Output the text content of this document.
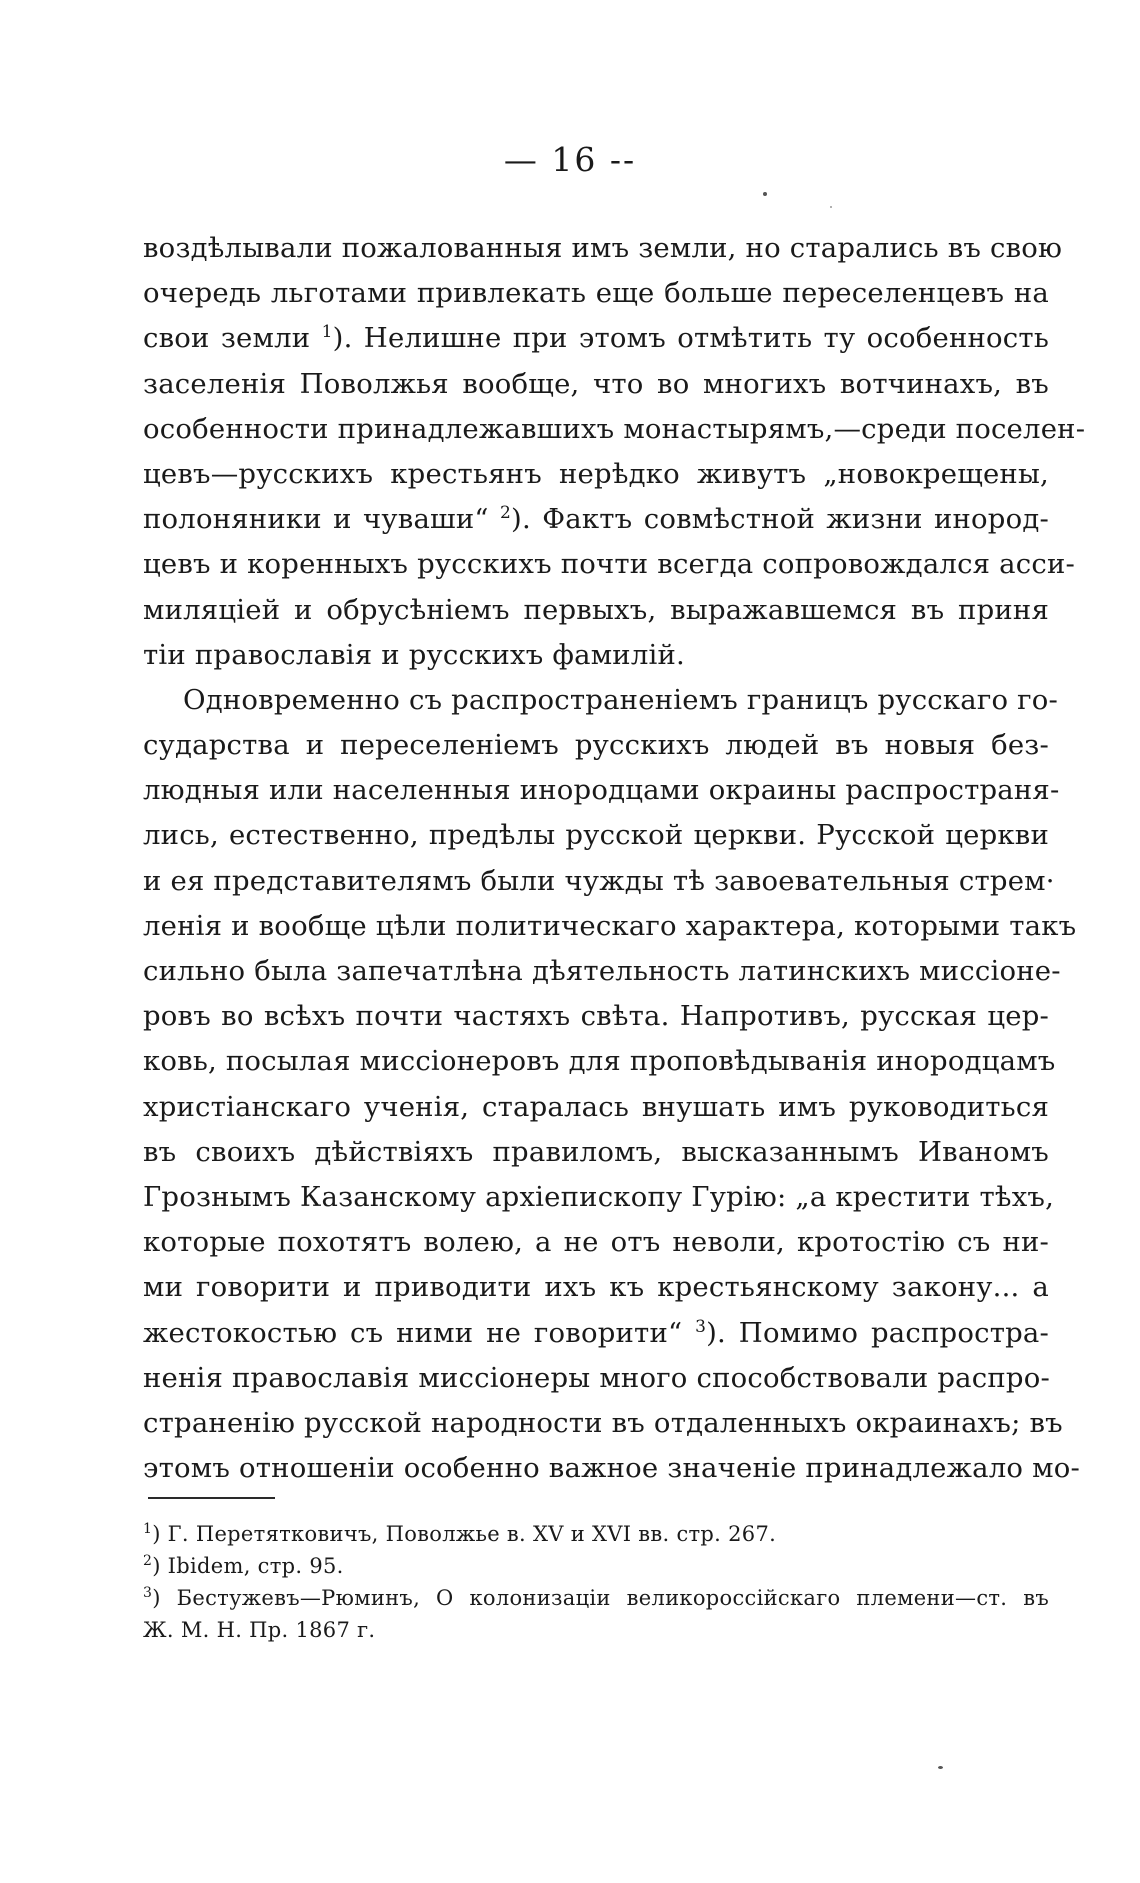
— 16 --
воздѣлывали пожалованныя имъ земли, но старались въ свою
очередь льготами привлекать еще больше переселенцевъ на
свои земли $^1$). Нелишне при этомъ отмѣтить ту особенность
заселенія Поволжья вообще, что во многихъ вотчинахъ, въ
особенности принадлежавшихъ монастырямъ,—среди поселен-
цевъ—русскихъ крестьянъ нерѣдко живутъ „новокрещены,
полоняники и чуваши“ $^2$). Фактъ совмѣстной жизни инород-
цевъ и коренныхъ русскихъ почти всегда сопровождался асси-
миляціей и обрусѣніемъ первыхъ, выражавшемся въ приня
тіи православія и русскихъ фамилій.
Одновременно съ распространеніемъ границъ русскаго го-
сударства и переселеніемъ русскихъ людей въ новыя без-
людныя или населенныя инородцами окраины распространя-
лись, естественно, предѣлы русской церкви. Русской церкви
и ея представителямъ были чужды тѣ завоевательныя стрем·
ленія и вообще цѣли политическаго характера, которыми такъ
сильно была запечатлѣна дѣятельность латинскихъ миссіоне-
ровъ во всѣхъ почти частяхъ свѣта. Напротивъ, русская цер-
ковь, посылая миссіонеровъ для проповѣдыванія инородцамъ
христіанскаго ученія, старалась внушать имъ руководиться
въ своихъ дѣйствіяхъ правиломъ, высказаннымъ Иваномъ
Грознымъ Казанскому архіепископу Гурію: „а крестити тѣхъ,
которые похотятъ волею, а не отъ неволи, кротостію съ ни-
ми говорити и приводити ихъ къ крестьянскому закону... а
жестокостью съ ними не говорити“ $^3$). Помимо распростра-
ненія православія миссіонеры много способствовали распро-
страненію русской народности въ отдаленныхъ окраинахъ; въ
этомъ отношеніи особенно важное значеніе принадлежало мо-
$^1$) Г. Перетятковичъ, Поволжье в. XV и XVI вв. стр. 267.
$^2$) Ibidem, стр. 95.
$^3$) Бестужевъ—Рюминъ, О колонизаціи великороссійскаго племени—ст. въ
Ж. М. Н. Пр. 1867 г.
